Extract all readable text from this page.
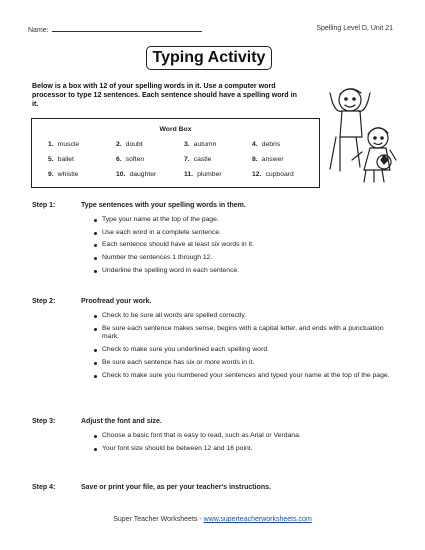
Name:	Spelling Level D, Unit 21
Typing Activity
Below is a box with 12 of your spelling words in it. Use a computer word processor to type 12 sentences. Each sentence should have a spelling word in it.
Word Box
1. muscle	2. doubt	3. autumn	4. debris
5. ballet	6. soften	7. castle	8. answer
9. whistle	10. daughter	11. plumber	12. cupboard
Step 1:	Type sentences with your spelling words in them.
Type your name at the top of the page.
Use each word in a complete sentence.
Each sentence should have at least six words in it.
Number the sentences 1 through 12.
Underline the spelling word in each sentence.
Step 2:	Proofread your work.
Check to be sure all words are spelled correctly.
Be sure each sentence makes sense, begins with a capital letter, and ends with a punctuation mark.
Check to make sure you underlined each spelling word.
Be sure each sentence has six or more words in it.
Check to make sure you numbered your sentences and typed your name at the top of the page.
Step 3:	Adjust the font and size.
Choose a basic font that is easy to read, such as Arial or Verdana.
Your font size should be between 12 and 16 point.
Step 4:	Save or print your file, as per your teacher's instructions.
Super Teacher Worksheets - www.superteacherworksheets.com
